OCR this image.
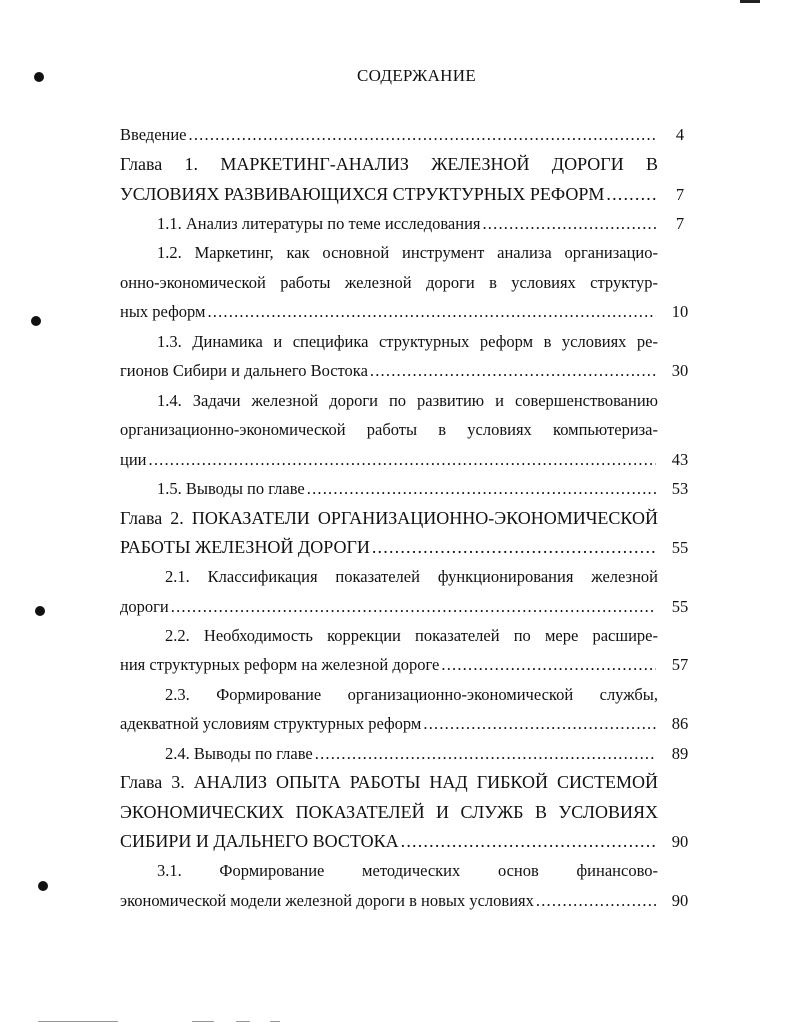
СОДЕРЖАНИЕ
Введение .....	4
Глава 1. МАРКЕТИНГ-АНАЛИЗ ЖЕЛЕЗНОЙ ДОРОГИ В
УСЛОВИЯХ РАЗВИВАЮЩИХСЯ СТРУКТУРНЫХ РЕФОРМ .....	7
1.1. Анализ литературы по теме исследования .....	7
1.2. Маркетинг, как основной инструмент анализа организацио-
онно-экономической работы железной дороги в условиях структур-
ных реформ .....	10
1.3. Динамика и специфика структурных реформ в условиях ре-
гионов Сибири и дальнего Востока .....	30
1.4. Задачи железной дороги по развитию и совершенствованию
организационно-экономической работы в условиях компьютериза-
ции .....	43
1.5. Выводы по главе .....	53
Глава 2. ПОКАЗАТЕЛИ ОРГАНИЗАЦИОННО-ЭКОНОМИЧЕСКОЙ
РАБОТЫ ЖЕЛЕЗНОЙ ДОРОГИ .....	55
2.1. Классификация показателей функционирования железной
дороги .....	55
2.2. Необходимость коррекции показателей по мере расшире-
ния структурных реформ на железной дороге .....	57
2.3. Формирование организационно-экономической службы,
адекватной условиям структурных реформ .....	86
2.4. Выводы по главе .....	89
Глава 3. АНАЛИЗ ОПЫТА РАБОТЫ НАД ГИБКОЙ СИСТЕМОЙ
ЭКОНОМИЧЕСКИХ ПОКАЗАТЕЛЕЙ И СЛУЖБ В УСЛОВИЯХ
СИБИРИ И ДАЛЬНЕГО ВОСТОКА .....	90
3.1. Формирование методических основ финансово-
экономической модели железной дороги в новых условиях .....	90
